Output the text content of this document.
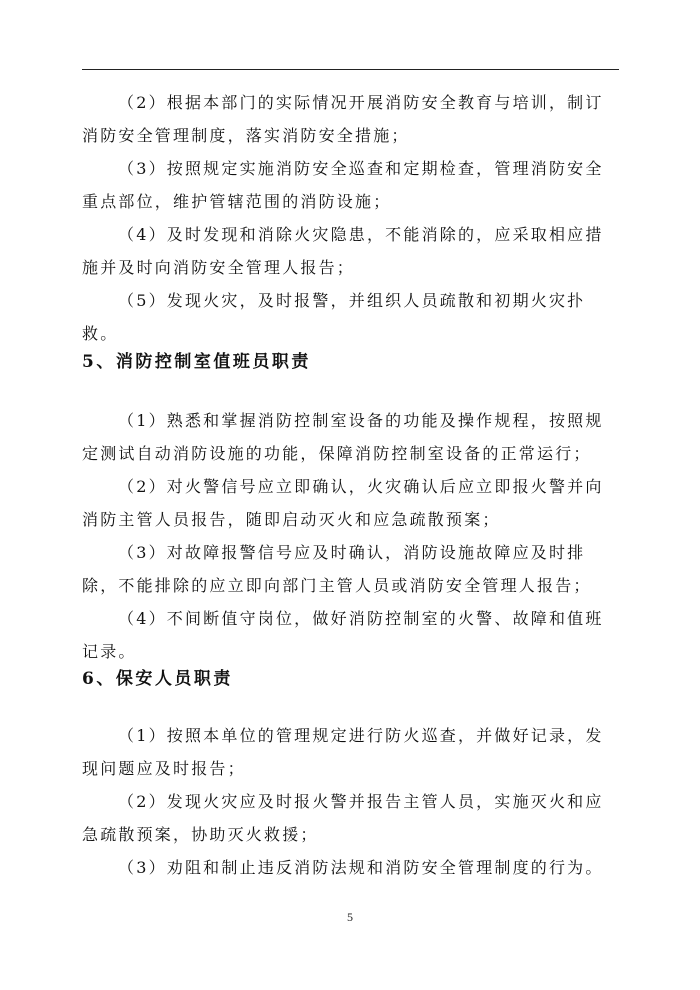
（2）根据本部门的实际情况开展消防安全教育与培训，制订消防安全管理制度，落实消防安全措施；

（3）按照规定实施消防安全巡查和定期检查，管理消防安全重点部位，维护管辖范围的消防设施；

（4）及时发现和消除火灾隐患，不能消除的，应采取相应措施并及时向消防安全管理人报告；

（5）发现火灾，及时报警，并组织人员疏散和初期火灾扑救。

5、消防控制室值班员职责

（1）熟悉和掌握消防控制室设备的功能及操作规程，按照规定测试自动消防设施的功能，保障消防控制室设备的正常运行；

（2）对火警信号应立即确认，火灾确认后应立即报火警并向消防主管人员报告，随即启动灭火和应急疏散预案；

（3）对故障报警信号应及时确认，消防设施故障应及时排除，不能排除的应立即向部门主管人员或消防安全管理人报告；

（4）不间断值守岗位，做好消防控制室的火警、故障和值班记录。

6、保安人员职责

（1）按照本单位的管理规定进行防火巡查，并做好记录，发现问题应及时报告；

（2）发现火灾应及时报火警并报告主管人员，实施灭火和应急疏散预案，协助灭火救援；

（3）劝阻和制止违反消防法规和消防安全管理制度的行为。

5
